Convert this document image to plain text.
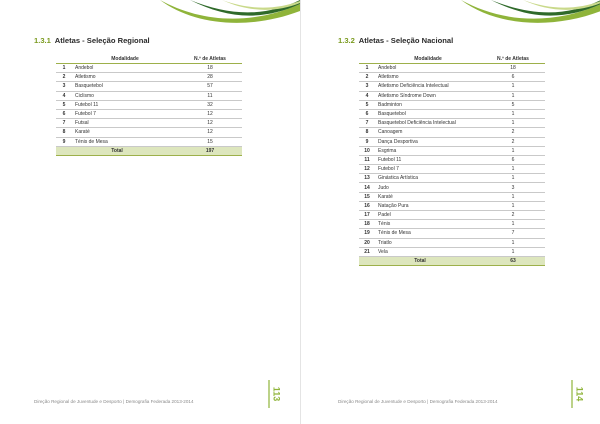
1.3.1 Atletas - Seleção Regional
	Modalidade	N.º de Atletas
1	Andebol	18
2	Atletismo	28
3	Basquetebol	57
4	Ciclismo	11
5	Futebol 11	32
6	Futebol 7	12
7	Futsal	12
8	Karaté	12
9	Ténis de Mesa	15
Total		197
Direção Regional de Juventude e Desporto | Demografia Federada 2013-2014
113
1.3.2 Atletas - Seleção Nacional
	Modalidade	N.º de Atletas
1	Andebol	18
2	Atletismo	6
3	Atletismo Deficiência Intelectual	1
4	Atletismo Síndrome Down	1
5	Badminton	5
6	Basquetebol	1
7	Basquetebol Deficiência Intelectual	1
8	Canoagem	2
9	Dança Desportiva	2
10	Esgrima	1
11	Futebol 11	6
12	Futebol 7	1
13	Ginástica Artística	1
14	Judo	3
15	Karaté	1
16	Natação Pura	1
17	Padel	2
18	Ténis	1
19	Ténis de Mesa	7
20	Triatlo	1
21	Vela	1
Total		63
Direção Regional de Juventude e Desporto | Demografia Federada 2013-2014
114
